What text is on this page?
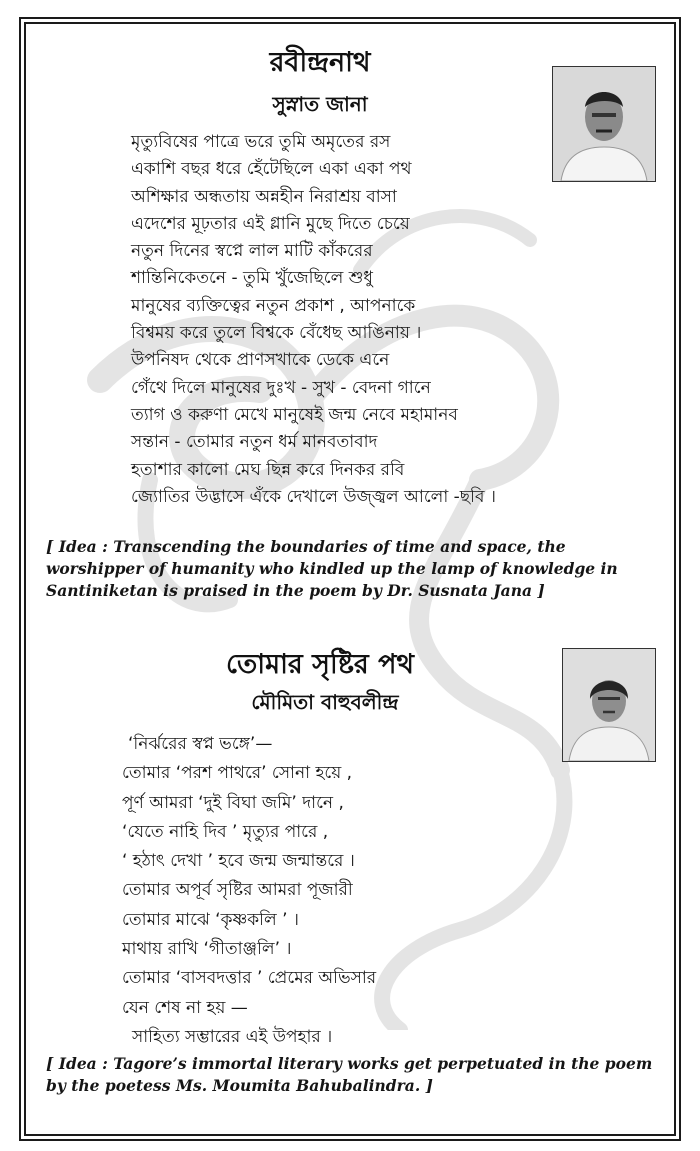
রবীন্দ্রনাথ
সুস্নাত জানা
মৃত্যুবিষের পাত্রে ভরে তুমি অমৃতের রস
একাশি বছর ধরে হেঁটেছিলে একা একা পথ
অশিক্ষার অন্ধতায় অন্নহীন নিরাশ্রয় বাসা
এদেশের মূঢ়তার এই গ্লানি মুছে দিতে চেয়ে
নতুন দিনের স্বপ্নে লাল মাটি কাঁকরের
শান্তিনিকেতনে - তুমি খুঁজেছিলে শুধু
মানুষের ব্যক্তিত্বের নতুন প্রকাশ , আপনাকে
বিশ্বময় করে তুলে বিশ্বকে বেঁধেছ আঙিনায় ।
উপনিষদ থেকে প্রাণসখাকে ডেকে এনে
গেঁথে দিলে মানুষের দুঃখ - সুখ - বেদনা গানে
ত্যাগ ও করুণা মেখে মানুষেই জন্ম নেবে মহামানব
সন্তান - তোমার নতুন ধর্ম মানবতাবাদ
হতাশার কালো মেঘ ছিন্ন করে দিনকর রবি
জ্যোতির উদ্ভাসে এঁকে দেখালে উজ্জ্বল আলো -ছবি ।

[ Idea : Transcending the boundaries of time and space, the worshipper of humanity who kindled up the lamp of knowledge in Santiniketan is praised in the poem by Dr. Susnata Jana ]

তোমার সৃষ্টির পথ
মৌমিতা বাহুবলীন্দ্র
‘নির্ঝরের স্বপ্ন ভঙ্গে’—
তোমার ‘পরশ পাথরে’ সোনা হয়ে ,
পূর্ণ আমরা ‘দুই বিঘা জমি’ দানে ,
‘যেতে নাহি দিব ’ মৃত্যুর পারে ,
‘ হঠাৎ দেখা ’ হবে জন্ম জন্মান্তরে ।
তোমার অপূর্ব সৃষ্টির আমরা পূজারী
তোমার মাঝে ‘কৃষ্ণকলি ’ ।
মাথায় রাখি ‘গীতাঞ্জলি’ ।
তোমার ‘বাসবদত্তার ’ প্রেমের অভিসার
যেন শেষ না হয় —
সাহিত্য সম্ভারের এই উপহার ।

[ Idea : Tagore’s immortal literary works get perpetuated in the poem by the poetess Ms. Moumita Bahubalindra. ]
